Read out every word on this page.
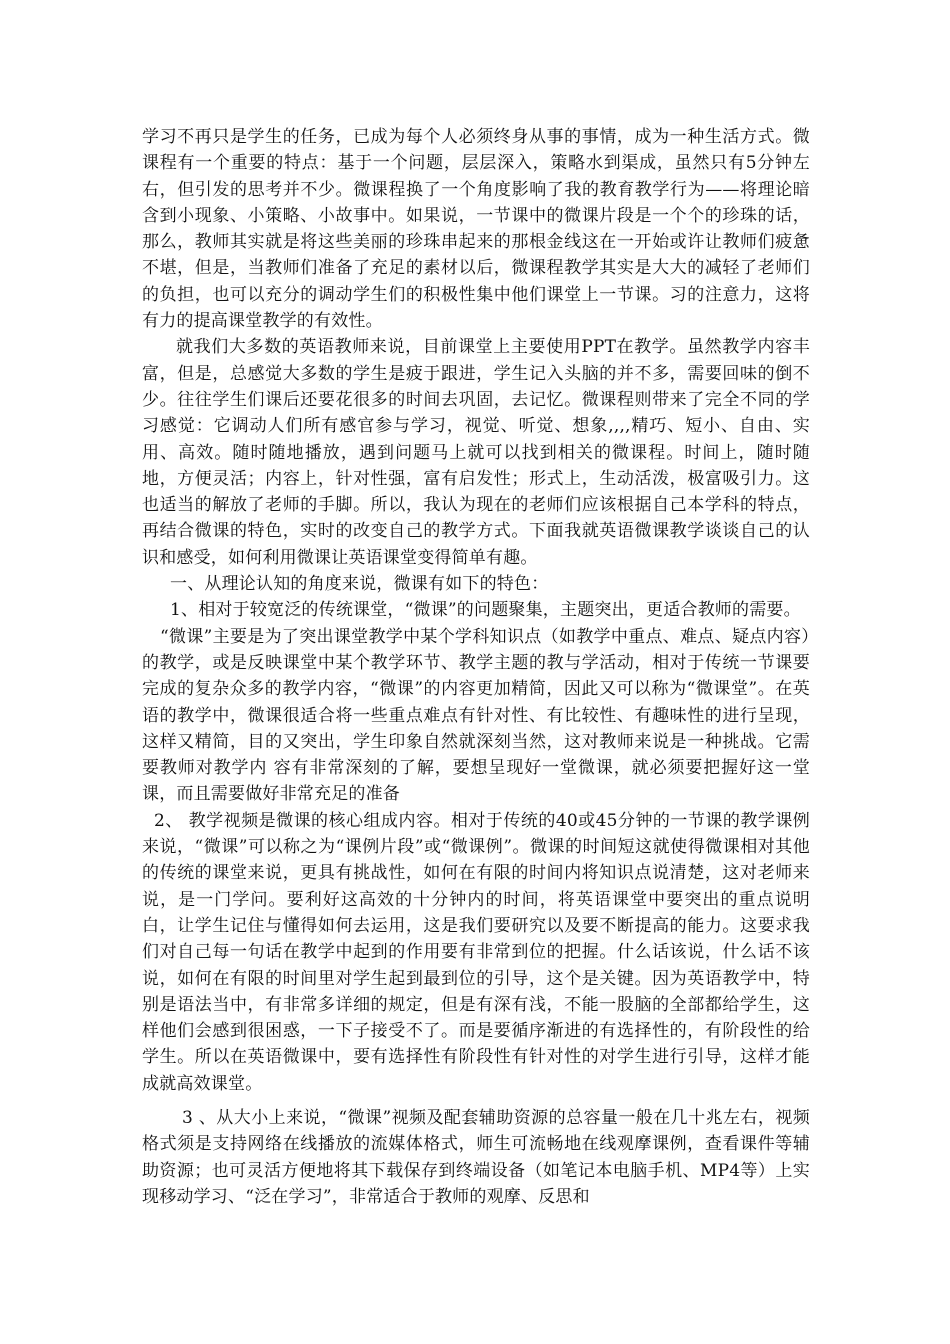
学习不再只是学生的任务，已成为每个人必须终身从事的事情，成为一种生活方式。微课程有一个重要的特点：基于一个问题，层层深入，策略水到渠成，虽然只有5分钟左右，但引发的思考并不少。微课程换了一个角度影响了我的教育教学行为——将理论暗含到小现象、小策略、小故事中。如果说，一节课中的微课片段是一个个的珍珠的话，那么，教师其实就是将这些美丽的珍珠串起来的那根金线这在一开始或许让教师们疲惫不堪，但是，当教师们准备了充足的素材以后，微课程教学其实是大大的减轻了老师们的负担，也可以充分的调动学生们的积极性集中他们课堂上一节课。习的注意力，这将有力的提高课堂教学的有效性。

就我们大多数的英语教师来说，目前课堂上主要使用PPT在教学。虽然教学内容丰富，但是，总感觉大多数的学生是疲于跟进，学生记入头脑的并不多，需要回味的倒不少。往往学生们课后还要花很多的时间去巩固，去记忆。微课程则带来了完全不同的学习感觉：它调动人们所有感官参与学习，视觉、听觉、想象,,,,精巧、短小、自由、实用、高效。随时随地播放，遇到问题马上就可以找到相关的微课程。时间上，随时随地，方便灵活；内容上，针对性强，富有启发性；形式上，生动活泼，极富吸引力。这也适当的解放了老师的手脚。所以，我认为现在的老师们应该根据自己本学科的特点，再结合微课的特色，实时的改变自己的教学方式。下面我就英语微课教学谈谈自己的认识和感受，如何利用微课让英语课堂变得简单有趣。

一、从理论认知的角度来说，微课有如下的特色：

1、相对于较宽泛的传统课堂，“微课”的问题聚集，主题突出，更适合教师的需要。

“微课”主要是为了突出课堂教学中某个学科知识点（如教学中重点、难点、疑点内容）的教学，或是反映课堂中某个教学环节、教学主题的教与学活动，相对于传统一节课要完成的复杂众多的教学内容，“微课”的内容更加精简，因此又可以称为“微课堂”。在英语的教学中，微课很适合将一些重点难点有针对性、有比较性、有趣味性的进行呈现，这样又精简，目的又突出，学生印象自然就深刻当然，这对教师来说是一种挑战。它需要教师对教学内 容有非常深刻的了解，要想呈现好一堂微课，就必须要把握好这一堂课，而且需要做好非常充足的准备

2、 教学视频是微课的核心组成内容。相对于传统的40或45分钟的一节课的教学课例来说，“微课”可以称之为“课例片段”或“微课例”。微课的时间短这就使得微课相对其他的传统的课堂来说，更具有挑战性，如何在有限的时间内将知识点说清楚，这对老师来说，是一门学问。要利好这高效的十分钟内的时间，将英语课堂中要突出的重点说明白，让学生记住与懂得如何去运用，这是我们要研究以及要不断提高的能力。这要求我们对自己每一句话在教学中起到的作用要有非常到位的把握。什么话该说，什么话不该说，如何在有限的时间里对学生起到最到位的引导，这个是关键。因为英语教学中，特别是语法当中，有非常多详细的规定，但是有深有浅，不能一股脑的全部都给学生，这样他们会感到很困惑，一下子接受不了。而是要循序渐进的有选择性的，有阶段性的给学生。所以在英语微课中，要有选择性有阶段性有针对性的对学生进行引导，这样才能成就高效课堂。

3 、从大小上来说，“微课”视频及配套辅助资源的总容量一般在几十兆左右，视频格式须是支持网络在线播放的流媒体格式，师生可流畅地在线观摩课例，查看课件等辅助资源；也可灵活方便地将其下载保存到终端设备（如笔记本电脑手机、MP4等）上实现移动学习、“泛在学习”，非常适合于教师的观摩、反思和
